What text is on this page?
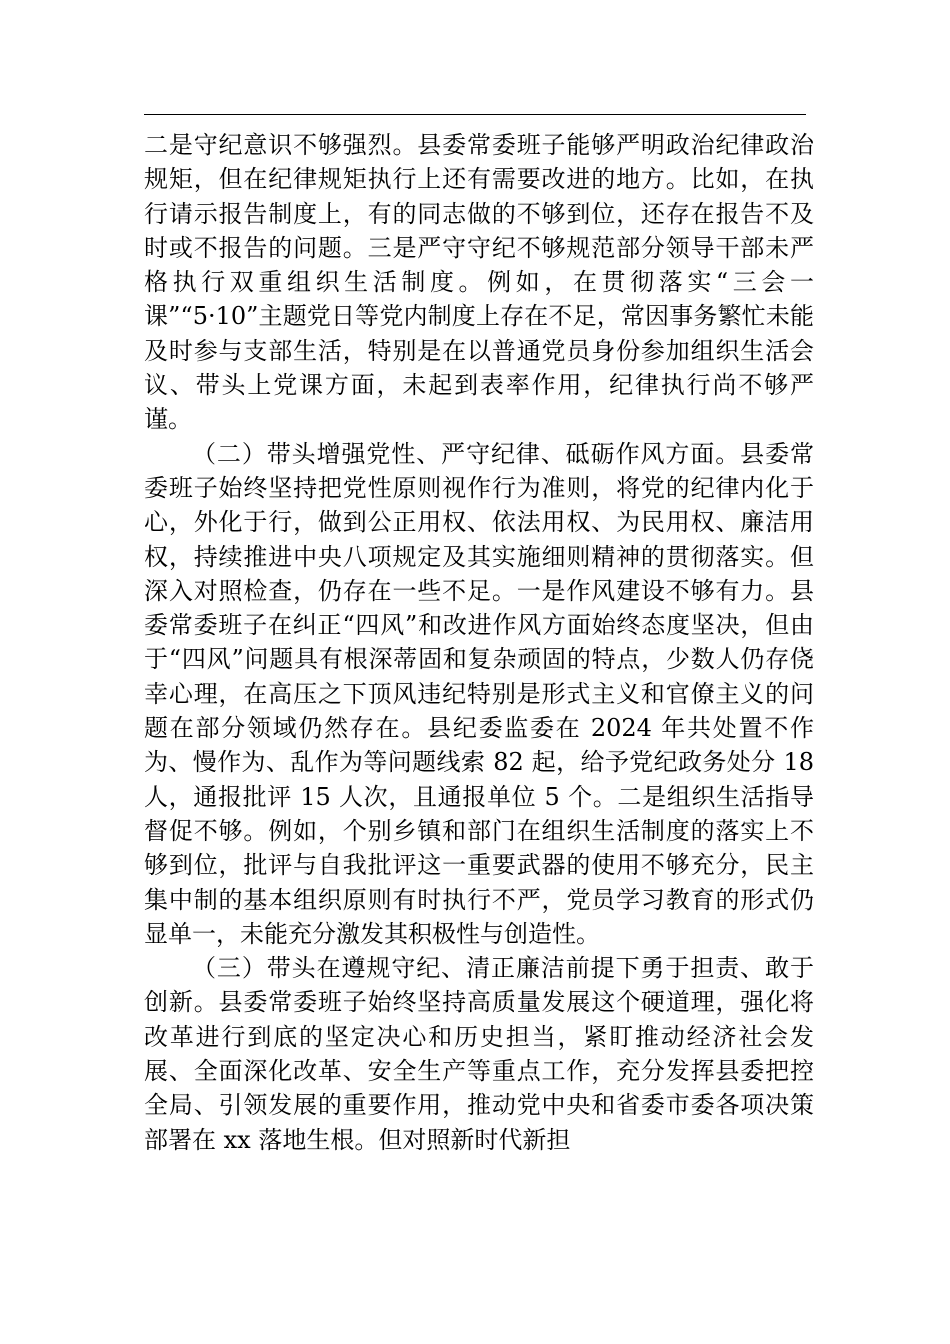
二是守纪意识不够强烈。县委常委班子能够严明政治纪律政治规矩，但在纪律规矩执行上还有需要改进的地方。比如，在执行请示报告制度上，有的同志做的不够到位，还存在报告不及时或不报告的问题。三是严守守纪不够规范部分领导干部未严格执行双重组织生活制度。例如，在贯彻落实“三会一课”“5·10”主题党日等党内制度上存在不足，常因事务繁忙未能及时参与支部生活，特别是在以普通党员身份参加组织生活会议、带头上党课方面，未起到表率作用，纪律执行尚不够严谨。

（二）带头增强党性、严守纪律、砥砺作风方面。县委常委班子始终坚持把党性原则视作行为准则，将党的纪律内化于心，外化于行，做到公正用权、依法用权、为民用权、廉洁用权，持续推进中央八项规定及其实施细则精神的贯彻落实。但深入对照检查，仍存在一些不足。一是作风建设不够有力。县委常委班子在纠正“四风”和改进作风方面始终态度坚决，但由于“四风”问题具有根深蒂固和复杂顽固的特点，少数人仍存侥幸心理，在高压之下顶风违纪特别是形式主义和官僚主义的问题在部分领域仍然存在。县纪委监委在 2024 年共处置不作为、慢作为、乱作为等问题线索 82 起，给予党纪政务处分 18 人，通报批评 15 人次，且通报单位 5 个。二是组织生活指导督促不够。例如，个别乡镇和部门在组织生活制度的落实上不够到位，批评与自我批评这一重要武器的使用不够充分，民主集中制的基本组织原则有时执行不严，党员学习教育的形式仍显单一，未能充分激发其积极性与创造性。

（三）带头在遵规守纪、清正廉洁前提下勇于担责、敢于创新。县委常委班子始终坚持高质量发展这个硬道理，强化将改革进行到底的坚定决心和历史担当，紧盯推动经济社会发展、全面深化改革、安全生产等重点工作，充分发挥县委把控全局、引领发展的重要作用，推动党中央和省委市委各项决策部署在 xx 落地生根。但对照新时代新担
